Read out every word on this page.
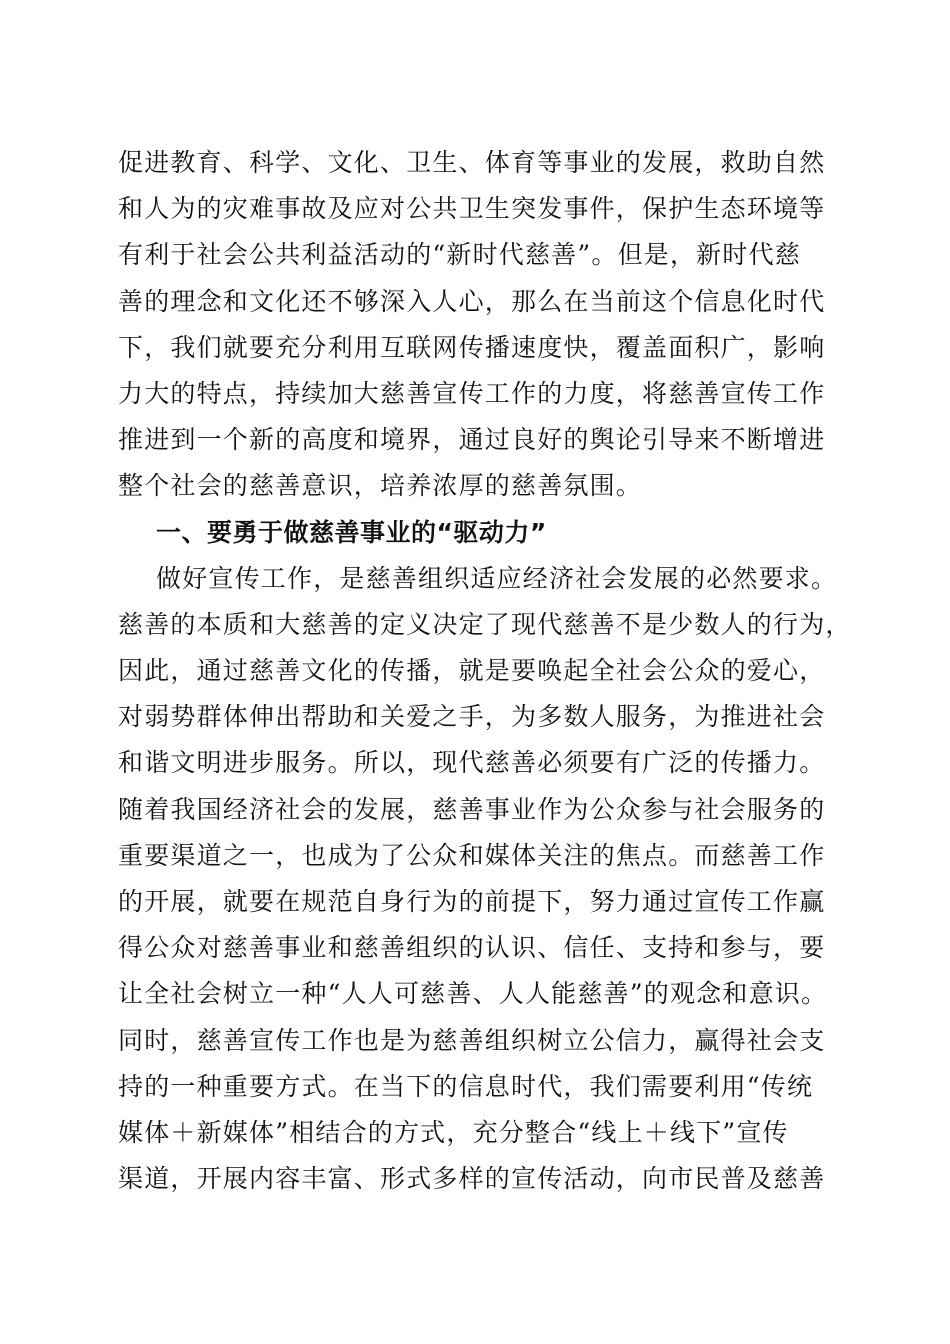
促进教育、科学、文化、卫生、体育等事业的发展，救助自然
和人为的灾难事故及应对公共卫生突发事件，保护生态环境等
有利于社会公共利益活动的“新时代慈善”。但是，新时代慈
善的理念和文化还不够深入人心，那么在当前这个信息化时代
下，我们就要充分利用互联网传播速度快，覆盖面积广，影响
力大的特点，持续加大慈善宣传工作的力度，将慈善宣传工作
推进到一个新的高度和境界，通过良好的舆论引导来不断增进
整个社会的慈善意识，培养浓厚的慈善氛围。
一、要勇于做慈善事业的“驱动力”
做好宣传工作，是慈善组织适应经济社会发展的必然要求。
慈善的本质和大慈善的定义决定了现代慈善不是少数人的行为，
因此，通过慈善文化的传播，就是要唤起全社会公众的爱心，
对弱势群体伸出帮助和关爱之手，为多数人服务，为推进社会
和谐文明进步服务。所以，现代慈善必须要有广泛的传播力。
随着我国经济社会的发展，慈善事业作为公众参与社会服务的
重要渠道之一，也成为了公众和媒体关注的焦点。而慈善工作
的开展，就要在规范自身行为的前提下，努力通过宣传工作赢
得公众对慈善事业和慈善组织的认识、信任、支持和参与，要
让全社会树立一种“人人可慈善、人人能慈善”的观念和意识。
同时，慈善宣传工作也是为慈善组织树立公信力，赢得社会支
持的一种重要方式。在当下的信息时代，我们需要利用“传统
媒体＋新媒体”相结合的方式，充分整合“线上＋线下”宣传
渠道，开展内容丰富、形式多样的宣传活动，向市民普及慈善
